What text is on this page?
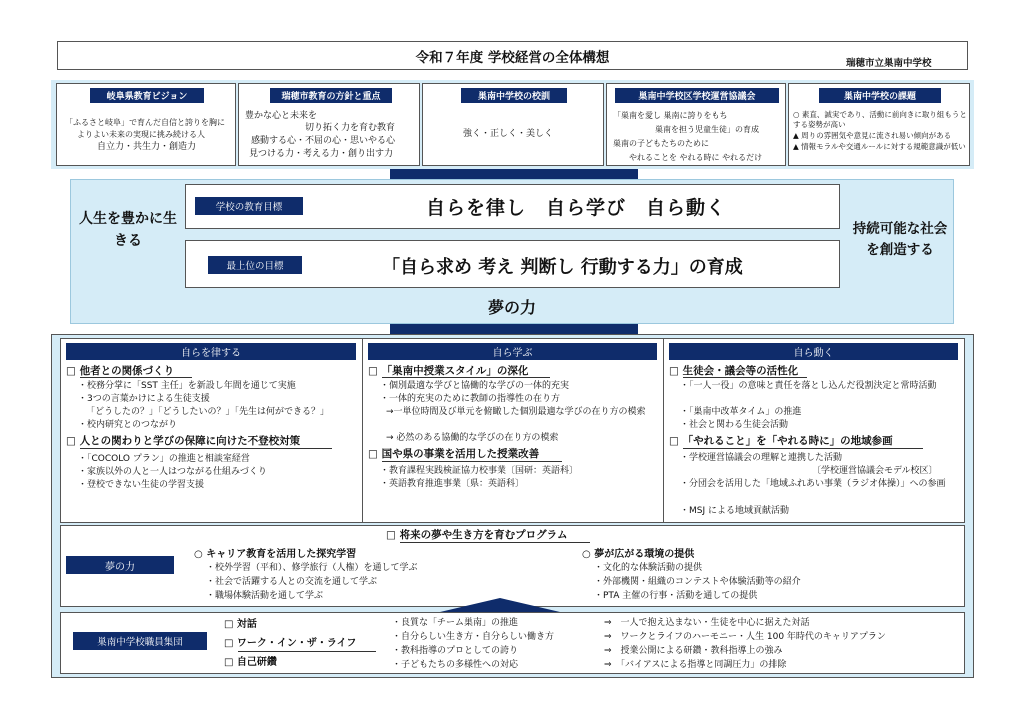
令和７年度 学校経営の全体構想	瑞穂市立巣南中学校
岐阜県教育ビジョン
「ふるさと岐阜」で育んだ自信と誇りを胸に
よりよい未来の実現に挑み続ける人
自立力・共生力・創造力
瑞穂市教育の方針と重点
豊かな心と未来を
切り拓く力を育む教育
感動する心・不屈の心・思いやる心
見つける力・考える力・創り出す力
巣南中学校の校訓
強く・正しく・美しく
巣南中学校区学校運営協議会
「巣南を愛し 巣南に誇りをもち
巣南を担う児童生徒」の育成
巣南の子どもたちのために
やれることを やれる時に やれるだけ
巣南中学校の課題
○ 素直、誠実であり、活動に前向きに取り組もうとする姿勢が高い
▲ 周りの雰囲気や意見に流され易い傾向がある
▲ 情報モラルや交通ルールに対する規範意識が低い
人生を豊かに生きる
持続可能な社会を創造する
学校の教育目標	自らを律し　自ら学び　自ら動く
最上位の目標	「自ら求め 考え 判断し 行動する力」の育成
夢の力
自らを律する
□ 他者との関係づくり
・校務分掌に「SST 主任」を新設し年間を通じて実施
・3つの言葉かけによる生徒支援
「どうしたの？」「どうしたいの？」「先生は何ができる？」
・校内研究とのつながり
□ 人との関わりと学びの保障に向けた不登校対策
・「COCOLO プラン」の推進と相談室経営
・家族以外の人と一人はつながる仕組みづくり
・登校できない生徒の学習支援
自ら学ぶ
□ 「巣南中授業スタイル」の深化
・個別最適な学びと協働的な学びの一体的充実
・一体的充実のために教師の指導性の在り方
→一単位時間及び単元を俯瞰した個別最適な学びの在り方の模索
→ 必然のある協働的な学びの在り方の模索
□ 国や県の事業を活用した授業改善
・教育課程実践検証協力校事業〔国研：英語科〕
・英語教育推進事業〔県：英語科〕
自ら動く
□ 生徒会・議会等の活性化
・「一人一役」の意味と責任を落とし込んだ役割決定と常時活動
・「巣南中改革タイム」の推進
・社会と関わる生徒会活動
□ 「やれること」を「やれる時に」の地域参画
・学校運営協議会の理解と連携した活動
〔学校運営協議会モデル校区〕
・分団会を活用した「地域ふれあい事業（ラジオ体操）」への参画
・MSJ による地域貢献活動
□ 将来の夢や生き方を育むプログラム
夢の力
○ キャリア教育を活用した探究学習
・校外学習（平和）、修学旅行（人権）を通して学ぶ
・社会で活躍する人との交流を通して学ぶ
・職場体験活動を通して学ぶ
○ 夢が広がる環境の提供
・文化的な体験活動の提供
・外部機関・組織のコンテストや体験活動等の紹介
・PTA 主催の行事・活動を通しての提供
巣南中学校職員集団
□ 対話
□ ワーク・イン・ザ・ライフ
□ 自己研鑽
・良質な「チーム巣南」の推進
・自分らしい生き方・自分らしい働き方
・教科指導のプロとしての誇り
・子どもたちの多様性への対応
⇒　一人で抱え込まない・生徒を中心に据えた対話
⇒　ワークとライフのハーモニー・人生 100 年時代のキャリアプラン
⇒　授業公開による研鑽・教科指導上の強み
⇒　「バイアスによる指導と同調圧力」の排除
